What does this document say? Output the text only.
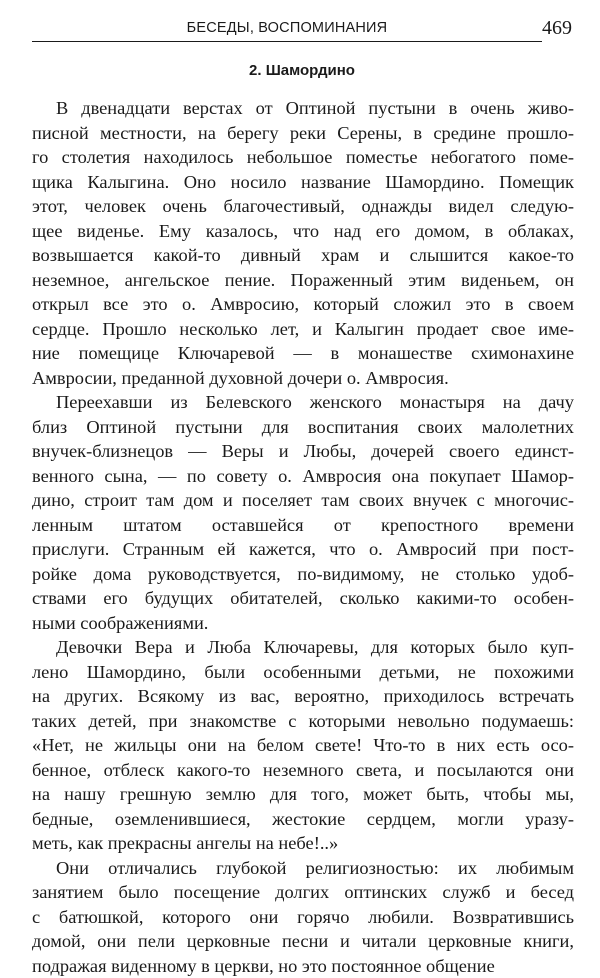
БЕСЕДЫ, ВОСПОМИНАНИЯ	469
2. Шамордино
В двенадцати верстах от Оптиной пустыни в очень живо-
писной местности, на берегу реки Серены, в средине прошло-
го столетия находилось небольшое поместье небогатого поме-
щика Калыгина. Оно носило название Шамордино. Помещик
этот, человек очень благочестивый, однажды видел следую-
щее виденье. Ему казалось, что над его домом, в облаках,
возвышается какой-то дивный храм и слышится какое-то
неземное, ангельское пение. Пораженный этим виденьем, он
открыл все это о. Амвросию, который сложил это в своем
сердце. Прошло несколько лет, и Калыгин продает свое име-
ние помещице Ключаревой — в монашестве схимонахине
Амвросии, преданной духовной дочери о. Амвросия.
Переехавши из Белевского женского монастыря на дачу
близ Оптиной пустыни для воспитания своих малолетних
внучек-близнецов — Веры и Любы, дочерей своего единст-
венного сына, — по совету о. Амвросия она покупает Шамор-
дино, строит там дом и поселяет там своих внучек с многочис-
ленным штатом оставшейся от крепостного времени
прислуги. Странным ей кажется, что о. Амвросий при пост-
ройке дома руководствуется, по-видимому, не столько удоб-
ствами его будущих обитателей, сколько какими-то особен-
ными соображениями.
Девочки Вера и Люба Ключаревы, для которых было куп-
лено Шамордино, были особенными детьми, не похожими
на других. Всякому из вас, вероятно, приходилось встречать
таких детей, при знакомстве с которыми невольно подумаешь:
«Нет, не жильцы они на белом свете! Что-то в них есть осо-
бенное, отблеск какого-то неземного света, и посылаются они
на нашу грешную землю для того, может быть, чтобы мы,
бедные, оземленившиеся, жестокие сердцем, могли уразу-
меть, как прекрасны ангелы на небе!..»
Они отличались глубокой религиозностью: их любимым
занятием было посещение долгих оптинских служб и бесед
с батюшкой, которого они горячо любили. Возвратившись
домой, они пели церковные песни и читали церковные книги,
подражая виденному в церкви, но это постоянное общение
